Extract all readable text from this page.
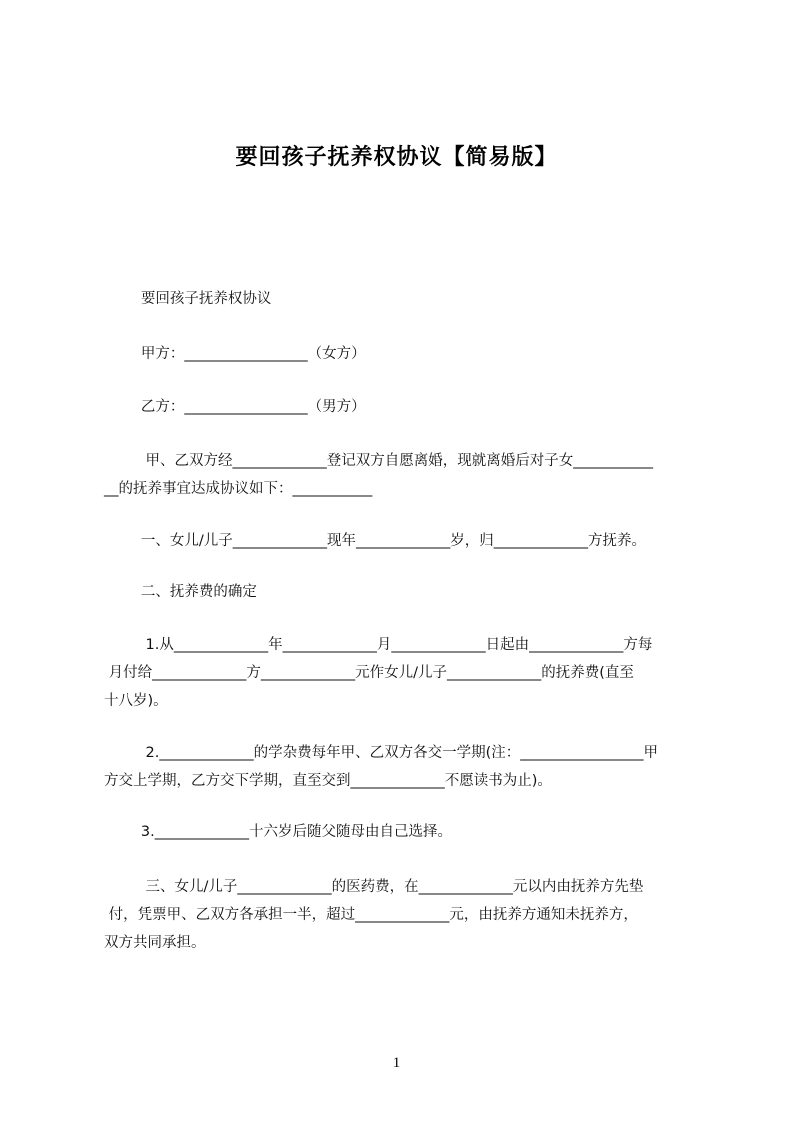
要回孩子抚养权协议【简易版】
要回孩子抚养权协议
甲方：_________________（女方）
乙方：_________________（男方）
甲、乙双方经_____________登记双方自愿离婚，现就离婚后对子女___________
__的抚养事宜达成协议如下：___________
一、女儿/儿子_____________现年_____________岁，归_____________方抚养。
二、抚养费的确定
1.从_____________年_____________月_____________日起由_____________方每
月付给_____________方_____________元作女儿/儿子_____________的抚养费(直至
十八岁)。
2._____________的学杂费每年甲、乙双方各交一学期(注：_________________甲
方交上学期，乙方交下学期，直至交到_____________不愿读书为止)。
3._____________十六岁后随父随母由自己选择。
三、女儿/儿子_____________的医药费，在_____________元以内由抚养方先垫
付，凭票甲、乙双方各承担一半，超过_____________元，由抚养方通知未抚养方，
双方共同承担。
1
